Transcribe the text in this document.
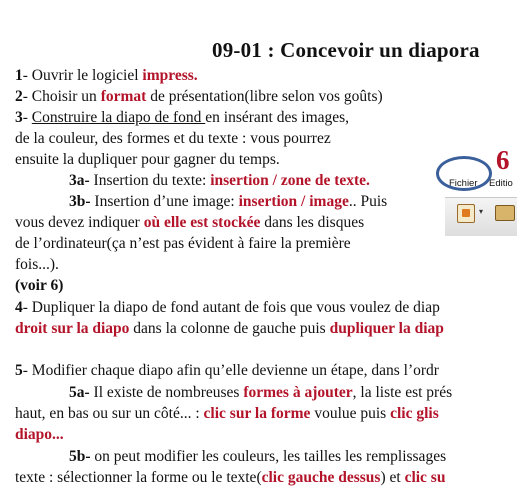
09-01 : Concevoir un diapora
1- Ouvrir le logiciel impress.
2- Choisir un format de présentation(libre selon vos goûts)
3- Construire la diapo de fond en insérant des images,
de la couleur, des formes et du texte : vous pourrez
ensuite la dupliquer pour gagner du temps.
3a- Insertion du texte: insertion / zone de texte.
3b- Insertion d’une image: insertion / image.. Puis
vous devez indiquer où elle est stockée dans les disques
de l’ordinateur(ça n’est pas évident à faire la première
fois...).
(voir 6)
4- Dupliquer la diapo de fond autant de fois que vous voulez de diap
droit sur la diapo dans la colonne de gauche puis dupliquer la diap
5- Modifier chaque diapo afin qu’elle devienne un étape, dans l’ordr
5a- Il existe de nombreuses formes à ajouter, la liste est prés
haut, en bas ou sur un côté... : clic sur la forme voulue puis clic glis
diapo...
5b- on peut modifier les couleurs, les tailles les remplissages
texte : sélectionner la forme ou le texte(clic gauche dessus) et clic su
Fichier Editio
▾
6
